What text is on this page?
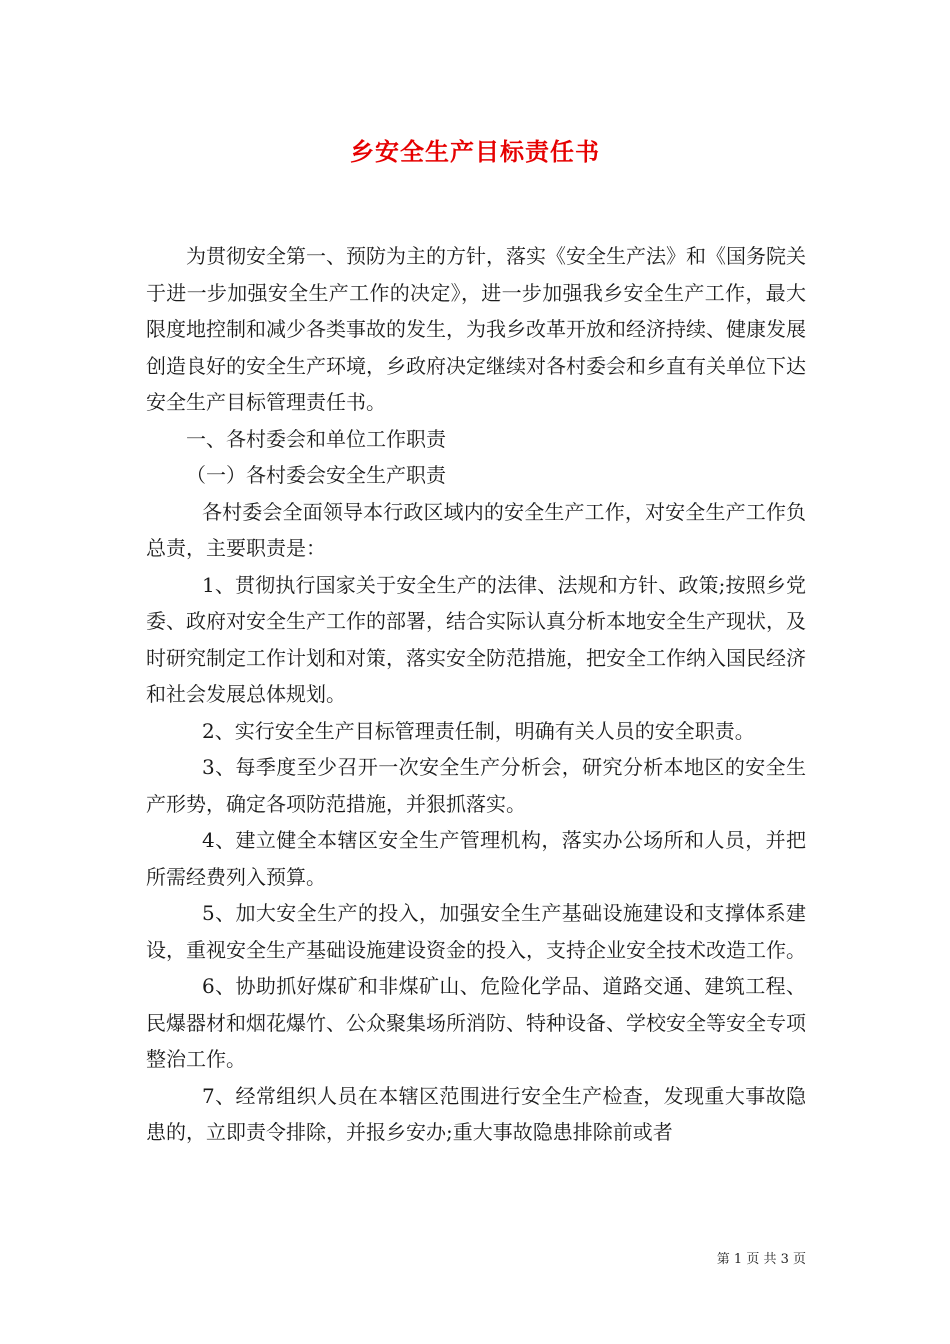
乡安全生产目标责任书

为贯彻安全第一、预防为主的方针，落实《安全生产法》和《国务院关于进一步加强安全生产工作的决定》，进一步加强我乡安全生产工作，最大限度地控制和减少各类事故的发生，为我乡改革开放和经济持续、健康发展创造良好的安全生产环境，乡政府决定继续对各村委会和乡直有关单位下达安全生产目标管理责任书。

一、各村委会和单位工作职责

（一）各村委会安全生产职责

各村委会全面领导本行政区域内的安全生产工作，对安全生产工作负总责，主要职责是：

1、贯彻执行国家关于安全生产的法律、法规和方针、政策;按照乡党委、政府对安全生产工作的部署，结合实际认真分析本地安全生产现状，及时研究制定工作计划和对策，落实安全防范措施，把安全工作纳入国民经济和社会发展总体规划。

2、实行安全生产目标管理责任制，明确有关人员的安全职责。

3、每季度至少召开一次安全生产分析会，研究分析本地区的安全生产形势，确定各项防范措施，并狠抓落实。

4、建立健全本辖区安全生产管理机构，落实办公场所和人员，并把所需经费列入预算。

5、加大安全生产的投入，加强安全生产基础设施建设和支撑体系建设，重视安全生产基础设施建设资金的投入，支持企业安全技术改造工作。

6、协助抓好煤矿和非煤矿山、危险化学品、道路交通、建筑工程、民爆器材和烟花爆竹、公众聚集场所消防、特种设备、学校安全等安全专项整治工作。

7、经常组织人员在本辖区范围进行安全生产检查，发现重大事故隐患的，立即责令排除，并报乡安办;重大事故隐患排除前或者

第 1 页 共 3 页
